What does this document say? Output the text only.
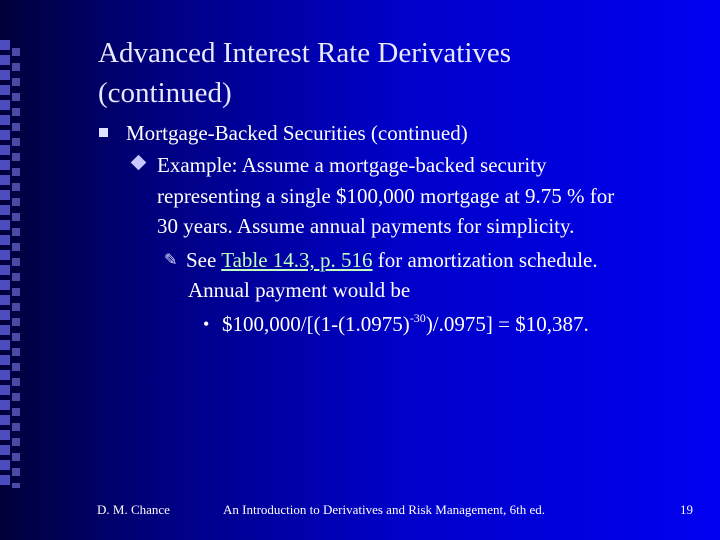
Advanced Interest Rate Derivatives
(continued)
Mortgage-Backed Securities (continued)
Example: Assume a mortgage-backed security
representing a single $100,000 mortgage at 9.75 % for
30 years. Assume annual payments for simplicity.
✎ See Table 14.3, p. 516 for amortization schedule.
Annual payment would be
• $\$100,000/[(1-(1.0975)^{-30})/.0975]$ = $10,387.
D. M. Chance	An Introduction to Derivatives and Risk Management, 6th ed.	19
